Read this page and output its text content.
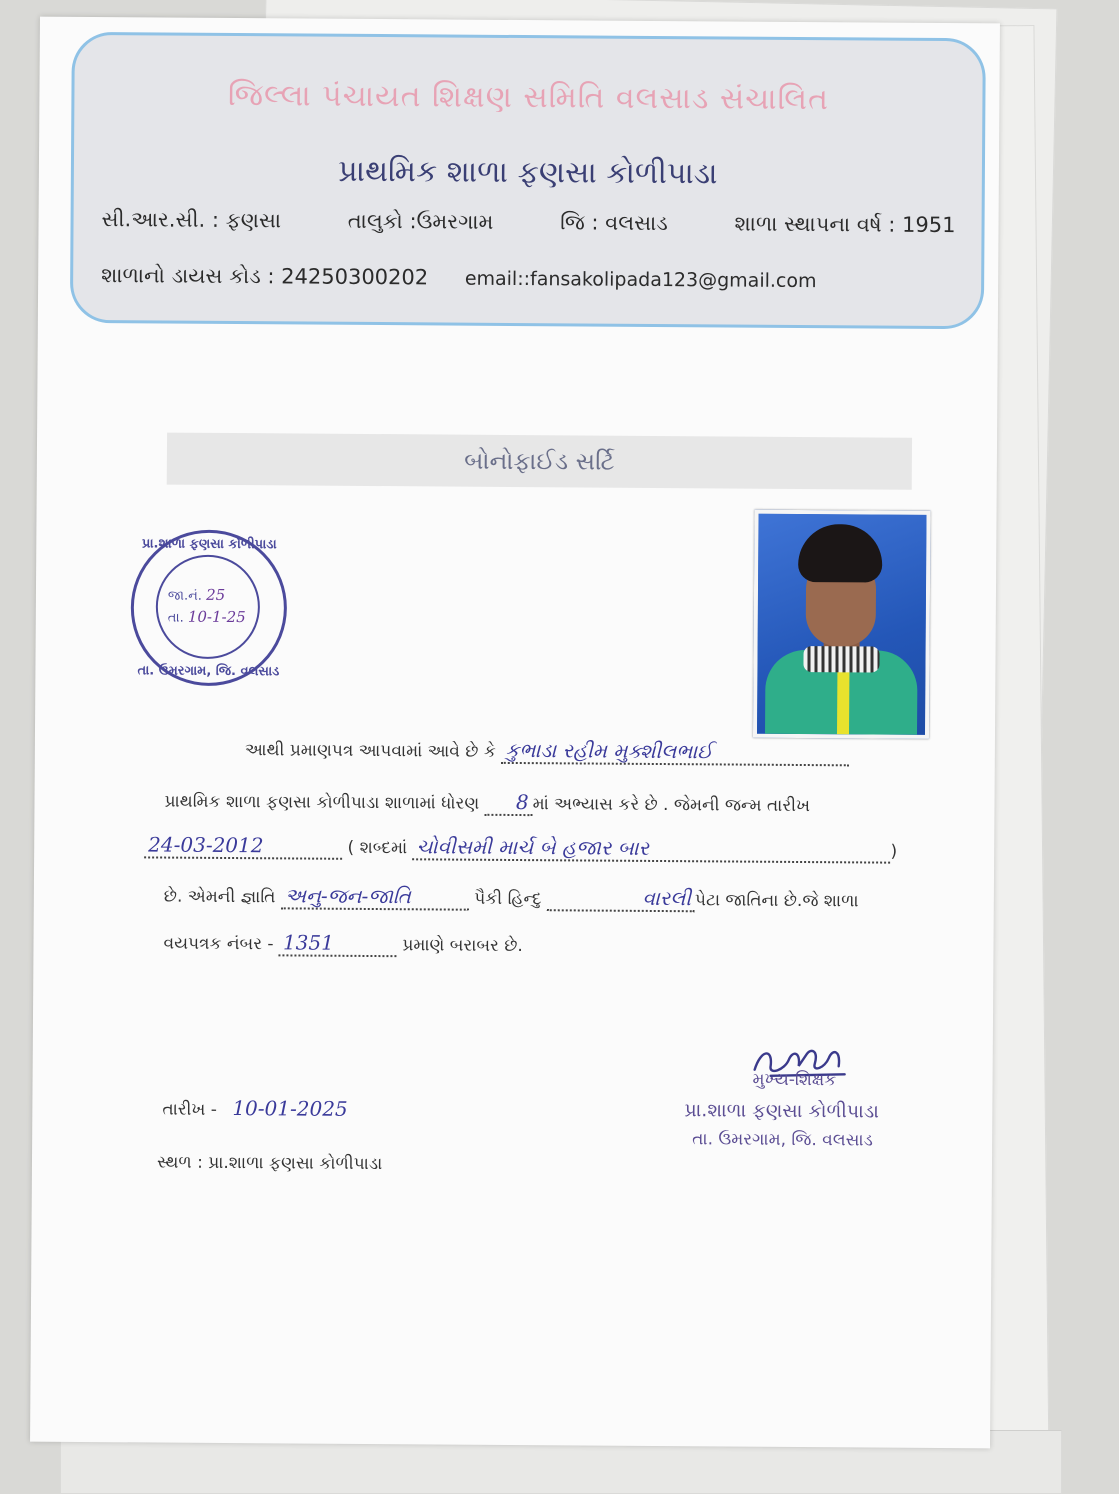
જિલ્લા પંચાયત શિક્ષણ સમિતિ વલસાડ સંચાલિત
પ્રાથમિક શાળા ફણસા કોળીપાડા
સી.આર.સી. : ફણસા	તાલુકો :ઉમરગામ	જિ : વલસાડ	શાળા સ્થાપના વર્ષ : 1951
શાળાનો ડાયસ કોડ : 24250300202 email::fansakolipada123@gmail.com
બોનોફાઈડ સર્ટિ
પ્રા.શાળા ફણસા કોળીપાડા
જા.નં. 25
તા. 10-1-25
તા. ઉમરગામ, જિ. વલસાડ
આથી પ્રમાણપત્ર આપવામાં આવે છે કે કુભાડા રહીમ મુક્શીલભાઈ
પ્રાથમિક શાળા ફણસા કોળીપાડા શાળામાં ધોરણ 8 માં અભ્યાસ કરે છે . જેમની જન્મ તારીખ
24-03-2012	( શબ્દમાં ચોવીસમી માર્ચ બે હજાર બાર	)
છે. એમની જ્ઞાતિ અનુ-જન-જાતિ	પૈકી હિન્દુ	વારલી પેટા જાતિના છે.જે શાળા
વયપત્રક નંબર - 1351	પ્રમાણે બરાબર છે.
મુખ્ય-શિક્ષક
પ્રા.શાળા ફણસા કોળીપાડા
તા. ઉમરગામ, જિ. વલસાડ
તારીખ - 10-01-2025
સ્થળ : પ્રા.શાળા ફણસા કોળીપાડા
